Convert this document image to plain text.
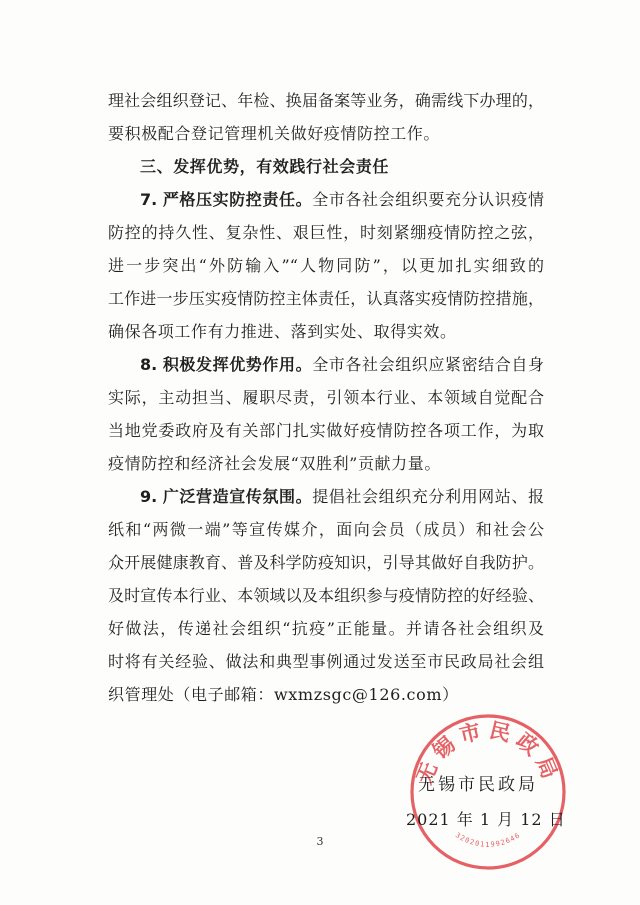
理社会组织登记、年检、换届备案等业务，确需线下办理的，
要积极配合登记管理机关做好疫情防控工作。
三、发挥优势，有效践行社会责任
7. 严格压实防控责任。全市各社会组织要充分认识疫情
防控的持久性、复杂性、艰巨性，时刻紧绷疫情防控之弦，
进一步突出“外防输入”“人物同防”，以更加扎实细致的
工作进一步压实疫情防控主体责任，认真落实疫情防控措施，
确保各项工作有力推进、落到实处、取得实效。
8. 积极发挥优势作用。全市各社会组织应紧密结合自身
实际，主动担当、履职尽责，引领本行业、本领域自觉配合
当地党委政府及有关部门扎实做好疫情防控各项工作，为取
疫情防控和经济社会发展“双胜利”贡献力量。
9. 广泛营造宣传氛围。提倡社会组织充分利用网站、报
纸和“两微一端”等宣传媒介，面向会员（成员）和社会公
众开展健康教育、普及科学防疫知识，引导其做好自我防护。
及时宣传本行业、本领域以及本组织参与疫情防控的好经验、
好做法，传递社会组织“抗疫”正能量。并请各社会组织及
时将有关经验、做法和典型事例通过发送至市民政局社会组
织管理处（电子邮箱：wxmzsgc@126.com）
无锡市民政局
2021 年 1 月 12 日
无锡市民政局
3202011992646
3
